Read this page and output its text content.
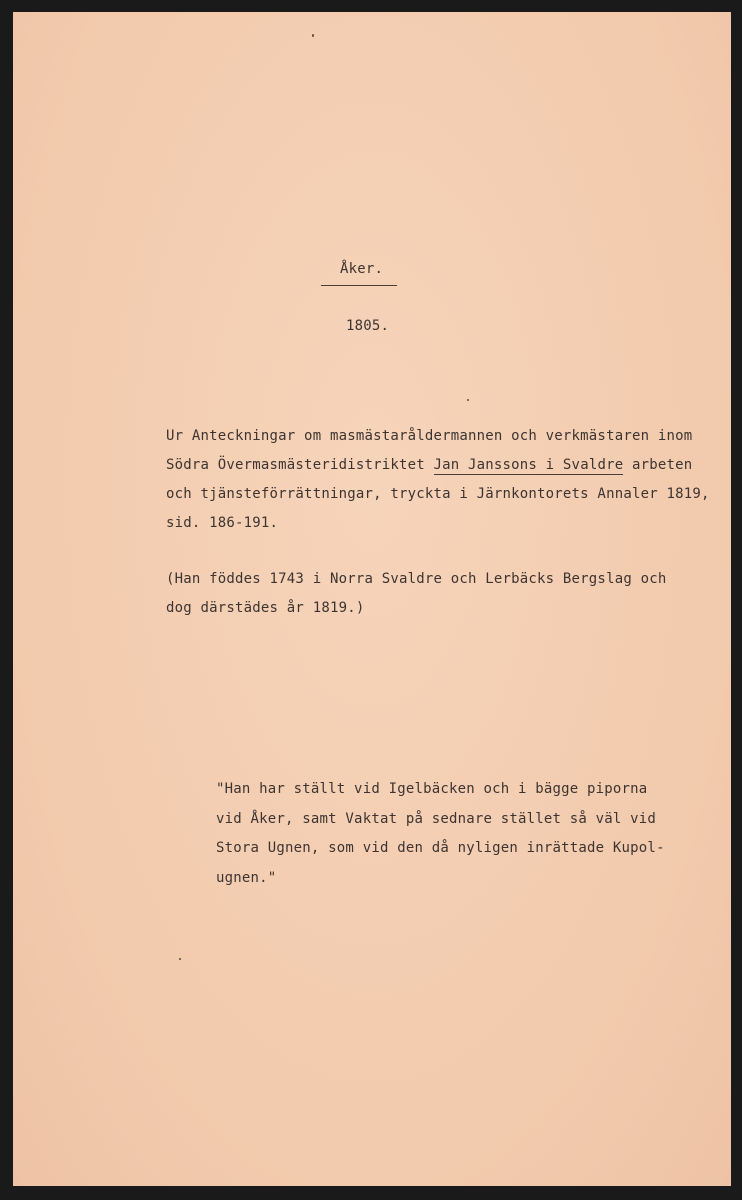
Åker.
1805.
Ur Anteckningar om masmästaråldermannen och verkmästaren inom
Södra Övermasmästeridistriktet Jan Janssons i Svaldre arbeten
och tjänsteförrättningar, tryckta i Järnkontorets Annaler 1819,
sid. 186-191.
(Han föddes 1743 i Norra Svaldre och Lerbäcks Bergslag och
dog därstädes år 1819.)
"Han har ställt vid Igelbäcken och i bägge piporna
vid Åker, samt Vaktat på sednare stället så väl vid
Stora Ugnen, som vid den då nyligen inrättade Kupol-
ugnen."
